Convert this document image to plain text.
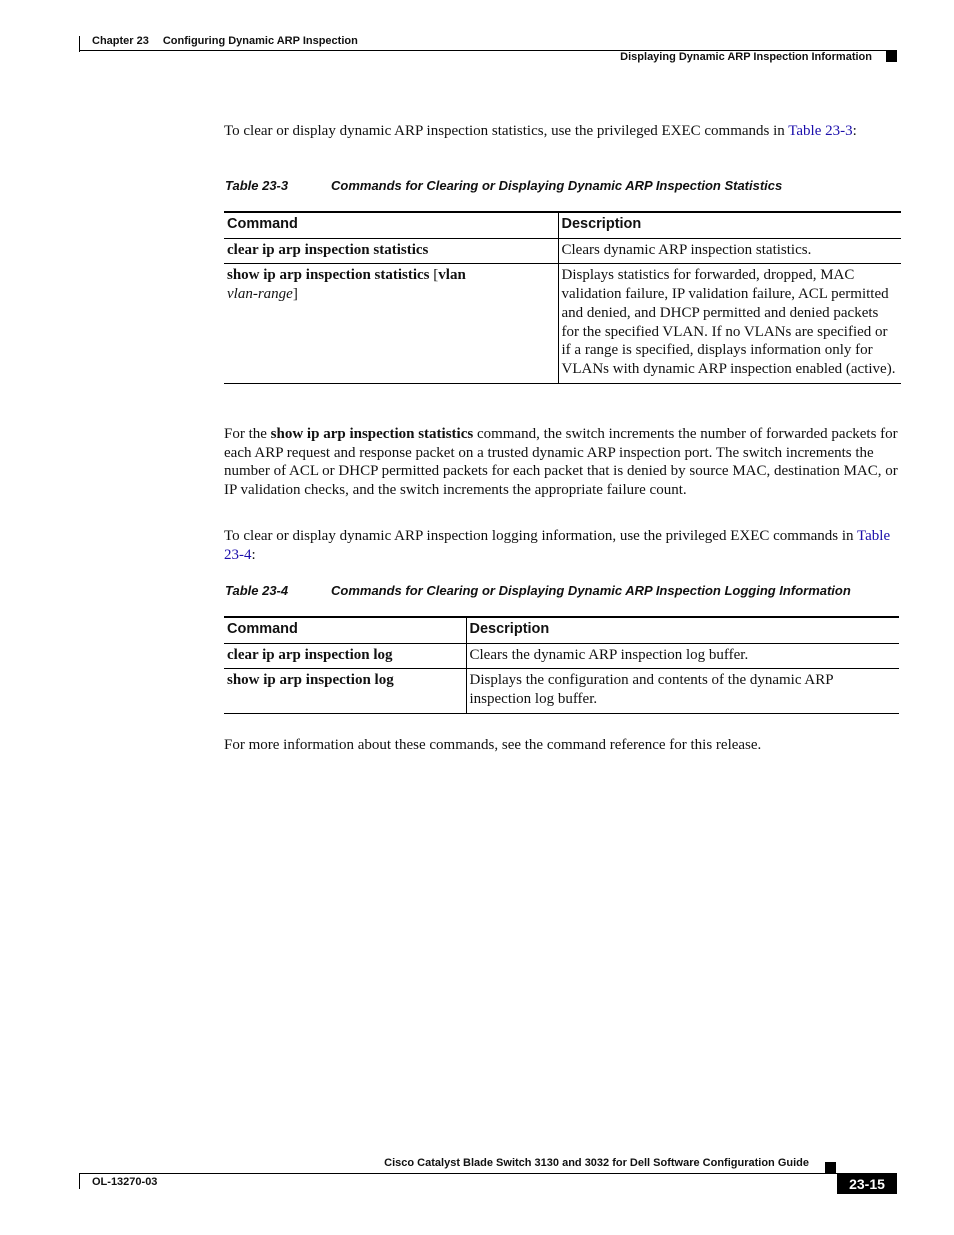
Chapter 23 Configuring Dynamic ARP Inspection
Displaying Dynamic ARP Inspection Information
To clear or display dynamic ARP inspection statistics, use the privileged EXEC commands in Table 23-3:
Table 23-3	Commands for Clearing or Displaying Dynamic ARP Inspection Statistics
Command	Description
clear ip arp inspection statistics	Clears dynamic ARP inspection statistics.
show ip arp inspection statistics [vlan
vlan-range]	Displays statistics for forwarded, dropped, MAC validation failure, IP validation failure, ACL permitted and denied, and DHCP permitted and denied packets for the specified VLAN. If no VLANs are specified or if a range is specified, displays information only for VLANs with dynamic ARP inspection enabled (active).
For the show ip arp inspection statistics command, the switch increments the number of forwarded packets for each ARP request and response packet on a trusted dynamic ARP inspection port. The switch increments the number of ACL or DHCP permitted packets for each packet that is denied by source MAC, destination MAC, or IP validation checks, and the switch increments the appropriate failure count.
To clear or display dynamic ARP inspection logging information, use the privileged EXEC commands in Table 23-4:
Table 23-4	Commands for Clearing or Displaying Dynamic ARP Inspection Logging Information
Command	Description
clear ip arp inspection log	Clears the dynamic ARP inspection log buffer.
show ip arp inspection log	Displays the configuration and contents of the dynamic ARP inspection log buffer.
For more information about these commands, see the command reference for this release.
Cisco Catalyst Blade Switch 3130 and 3032 for Dell Software Configuration Guide
OL-13270-03	23-15
